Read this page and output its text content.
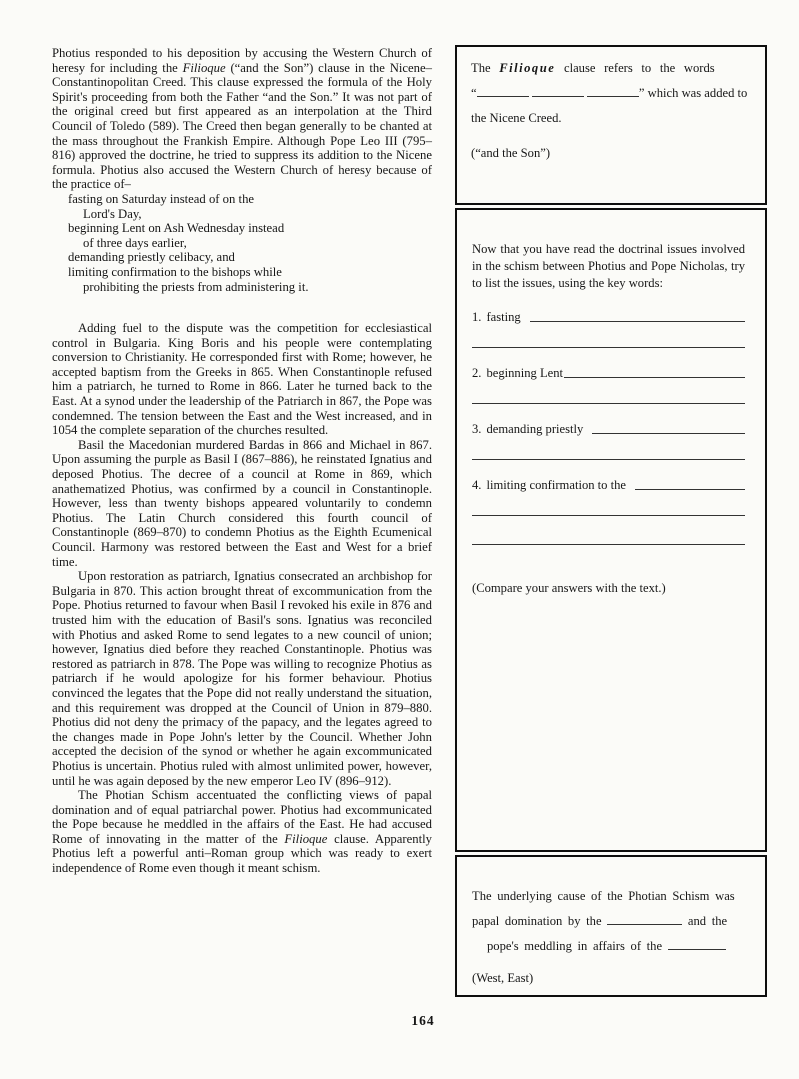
Photius responded to his deposition by accusing the Western Church of heresy for including the Filioque (“and the Son”) clause in the Nicene–Constantinopolitan Creed. This clause expressed the formula of the Holy Spirit's proceeding from both the Father “and the Son.” It was not part of the original creed but first appeared as an interpolation at the Third Council of Toledo (589). The Creed then began generally to be chanted at the mass throughout the Frankish Empire. Although Pope Leo III (795–816) approved the doctrine, he tried to suppress its addition to the Nicene formula. Photius also accused the Western Church of heresy because of the practice of–

fasting on Saturday instead of on the
Lord's Day,
beginning Lent on Ash Wednesday instead
of three days earlier,
demanding priestly celibacy, and
limiting confirmation to the bishops while
prohibiting the priests from administering it.

Adding fuel to the dispute was the competition for ecclesiastical control in Bulgaria. King Boris and his people were contemplating conversion to Christianity. He corresponded first with Rome; however, he accepted baptism from the Greeks in 865. When Constantinople refused him a patriarch, he turned to Rome in 866. Later he turned back to the East. At a synod under the leadership of the Patriarch in 867, the Pope was condemned. The tension between the East and the West increased, and in 1054 the complete separation of the churches resulted.

Basil the Macedonian murdered Bardas in 866 and Michael in 867. Upon assuming the purple as Basil I (867–886), he reinstated Ignatius and deposed Photius. The decree of a council at Rome in 869, which anathematized Photius, was confirmed by a council in Constantinople. However, less than twenty bishops appeared voluntarily to condemn Photius. The Latin Church considered this fourth council of Constantinople (869–870) to condemn Photius as the Eighth Ecumenical Council. Harmony was restored between the East and West for a brief time.

Upon restoration as patriarch, Ignatius consecrated an archbishop for Bulgaria in 870. This action brought threat of excommunication from the Pope. Photius returned to favour when Basil I revoked his exile in 876 and trusted him with the education of Basil's sons. Ignatius was reconciled with Photius and asked Rome to send legates to a new council of union; however, Ignatius died before they reached Constantinople. Photius was restored as patriarch in 878. The Pope was willing to recognize Photius as patriarch if he would apologize for his former behaviour. Photius convinced the legates that the Pope did not really understand the situation, and this requirement was dropped at the Council of Union in 879–880. Photius did not deny the primacy of the papacy, and the legates agreed to the changes made in Pope John's letter by the Council. Whether John accepted the decision of the synod or whether he again excommunicated Photius is uncertain. Photius ruled with almost unlimited power, however, until he was again deposed by the new emperor Leo IV (896–912).

The Photian Schism accentuated the conflicting views of papal domination and of equal patriarchal power. Photius had excommunicated the Pope because he meddled in the affairs of the East. He had accused Rome of innovating in the matter of the Filioque clause. Apparently Photius left a powerful anti–Roman group which was ready to exert independence of Rome even though it meant schism.

The Filioque clause refers to the words

“	” which was added to

the Nicene Creed.

(“and the Son”)

Now that you have read the doctrinal issues involved in the schism between Photius and Pope Nicholas, try to list the issues, using the key words:

1. fasting
2. beginning Lent
3. demanding priestly
4. limiting confirmation to the

(Compare your answers with the text.)

The underlying cause of the Photian Schism was

papal domination by the	and the

pope's meddling in affairs of the

(West, East)

164
